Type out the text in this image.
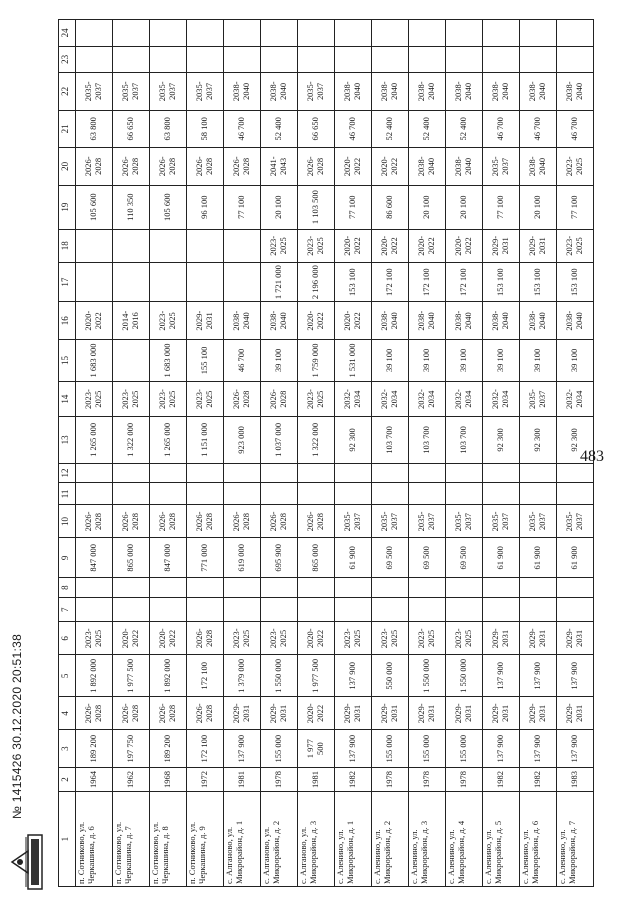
№ 1415426 30.12.2020 20:51:38
1	2	3	4	5	6	7	8	9	10	11	12	13	14	15	16	17	18	19	20	21	22	23	24
п. Сотниково, ул. Черкашина, д. 6	1964	189 200	2026-2028	1 892 000	2023-2025			847 000	2026-2028			1 265 000	2023-2025	1 683 000	2020-2022			105 600	2026-2028	63 800	2035-2037		
п. Сотниково, ул. Черкашина, д. 7	1962	197 750	2026-2028	1 977 500	2020-2022			865 000	2026-2028			1 322 000	2023-2025		2014-2016			110 350	2026-2028	66 650	2035-2037		
п. Сотниково, ул. Черкашина, д. 8	1968	189 200	2026-2028	1 892 000	2020-2022			847 000	2026-2028			1 265 000	2023-2025	1 683 000	2023-2025			105 600	2026-2028	63 800	2035-2037		
п. Сотниково, ул. Черкашина, д. 9	1972	172 100	2026-2028	172 100	2026-2028			771 000	2026-2028			1 151 000	2023-2025	155 100	2029-2031			96 100	2026-2028	58 100	2035-2037		
с. Алганово, ул. Микрорайон, д. 1	1981	137 900	2029-2031	1 379 000	2023-2025			619 000	2026-2028			923 000	2026-2028	46 700	2038-2040			77 100	2026-2028	46 700	2038-2040		
с. Алганово, ул. Микрорайон, д. 2	1978	155 000	2029-2031	1 550 000	2023-2025			695 900	2026-2028			1 037 000	2026-2028	39 100	2038-2040	1 721 000	2023-2025	20 100	2041-2043	52 400	2038-2040		
с. Алганово, ул. Микрорайон, д. 3	1981	1 977 500	2020-2022	1 977 500	2020-2022			865 000	2026-2028			1 322 000	2023-2025	1 759 000	2020-2022	2 196 000	2023-2025	1 103 500	2026-2028	66 650	2035-2037		
с. Аленино, ул. Микрорайон, д. 1	1982	137 900	2029-2031	137 900	2023-2025			61 900	2035-2037			92 300	2032-2034	1 531 000	2020-2022	153 100	2020-2022	77 100	2020-2022	46 700	2038-2040		
с. Аленино, ул. Микрорайон, д. 2	1978	155 000	2029-2031	550 000	2023-2025			69 500	2035-2037			103 700	2032-2034	39 100	2038-2040	172 100	2020-2022	86 600	2020-2022	52 400	2038-2040		
с. Аленино, ул. Микрорайон, д. 3	1978	155 000	2029-2031	1 550 000	2023-2025			69 500	2035-2037			103 700	2032-2034	39 100	2038-2040	172 100	2020-2022	20 100	2038-2040	52 400	2038-2040		
с. Аленино, ул. Микрорайон, д. 4	1978	155 000	2029-2031	1 550 000	2023-2025			69 500	2035-2037			103 700	2032-2034	39 100	2038-2040	172 100	2020-2022	20 100	2038-2040	52 400	2038-2040		
с. Аленино, ул. Микрорайон, д. 5	1982	137 900	2029-2031	137 900	2029-2031			61 900	2035-2037			92 300	2032-2034	39 100	2038-2040	153 100	2029-2031	77 100	2035-2037	46 700	2038-2040		
с. Аленино, ул. Микрорайон, д. 6	1982	137 900	2029-2031	137 900	2029-2031			61 900	2035-2037			92 300	2035-2037	39 100	2038-2040	153 100	2029-2031	20 100	2038-2040	46 700	2038-2040		
с. Аленино, ул. Микрорайон, д. 7	1983	137 900	2029-2031	137 900	2029-2031			61 900	2035-2037			92 300	2032-2034	39 100	2038-2040	153 100	2023-2025	77 100	2023-2025	46 700	2038-2040		
483
